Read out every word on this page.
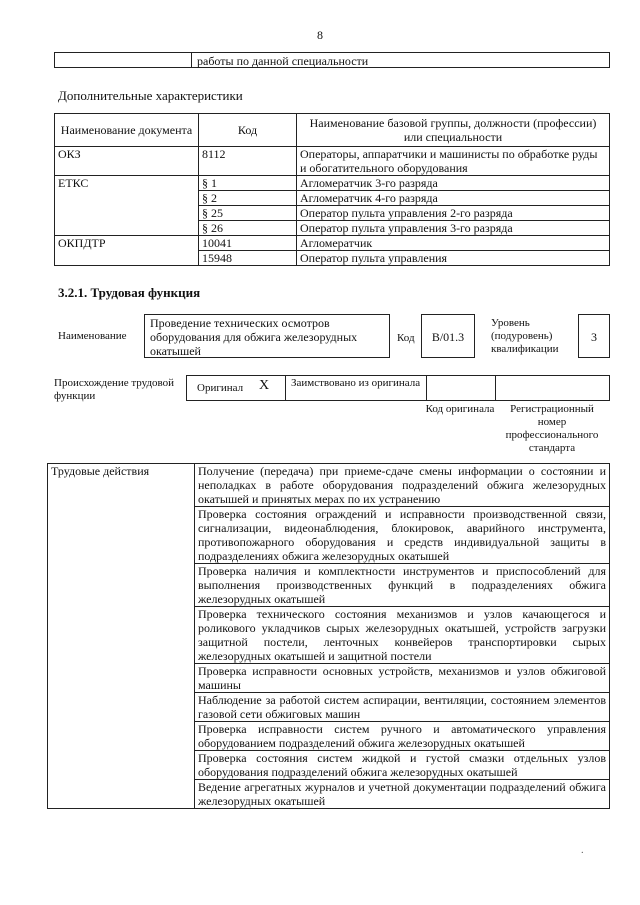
8
работы по данной специальности
Дополнительные характеристики
Наименование документа	Код	Наименование базовой группы, должности (профессии) или специальности
ОКЗ	8112	Операторы, аппаратчики и машинисты по обработке руды и обогатительного оборудования
ЕТКС	§ 1	Агломератчик 3-го разряда
	§ 2	Агломератчик 4-го разряда
	§ 25	Оператор пульта управления 2-го разряда
	§ 26	Оператор пульта управления 3-го разряда
ОКПДТР	10041	Агломератчик
	15948	Оператор пульта управления
3.2.1. Трудовая функция
Наименование
Проведение технических осмотров оборудования для обжига железорудных окатышей
Код	В/01.3
Уровень (подуровень) квалификации
3
Происхождение трудовой функции
Оригинал X Заимствовано из оригинала
Код оригинала	Регистрационный номер профессионального стандарта
Трудовые действия	Получение (передача) при приеме-сдаче смены информации о состоянии и неполадках в работе оборудования подразделений обжига железорудных окатышей и принятых мерах по их устранению
Проверка состояния ограждений и исправности производственной связи, сигнализации, видеонаблюдения, блокировок, аварийного инструмента, противопожарного оборудования и средств индивидуальной защиты в подразделениях обжига железорудных окатышей
Проверка наличия и комплектности инструментов и приспособлений для выполнения производственных функций в подразделениях обжига железорудных окатышей
Проверка технического состояния механизмов и узлов качающегося и роликового укладчиков сырых железорудных окатышей, устройств загрузки защитной постели, ленточных конвейеров транспортировки сырых железорудных окатышей и защитной постели
Проверка исправности основных устройств, механизмов и узлов обжиговой машины
Наблюдение за работой систем аспирации, вентиляции, состоянием элементов газовой сети обжиговых машин
Проверка исправности систем ручного и автоматического управления оборудованием подразделений обжига железорудных окатышей
Проверка состояния систем жидкой и густой смазки отдельных узлов оборудования подразделений обжига железорудных окатышей
Ведение агрегатных журналов и учетной документации подразделений обжига железорудных окатышей
·
